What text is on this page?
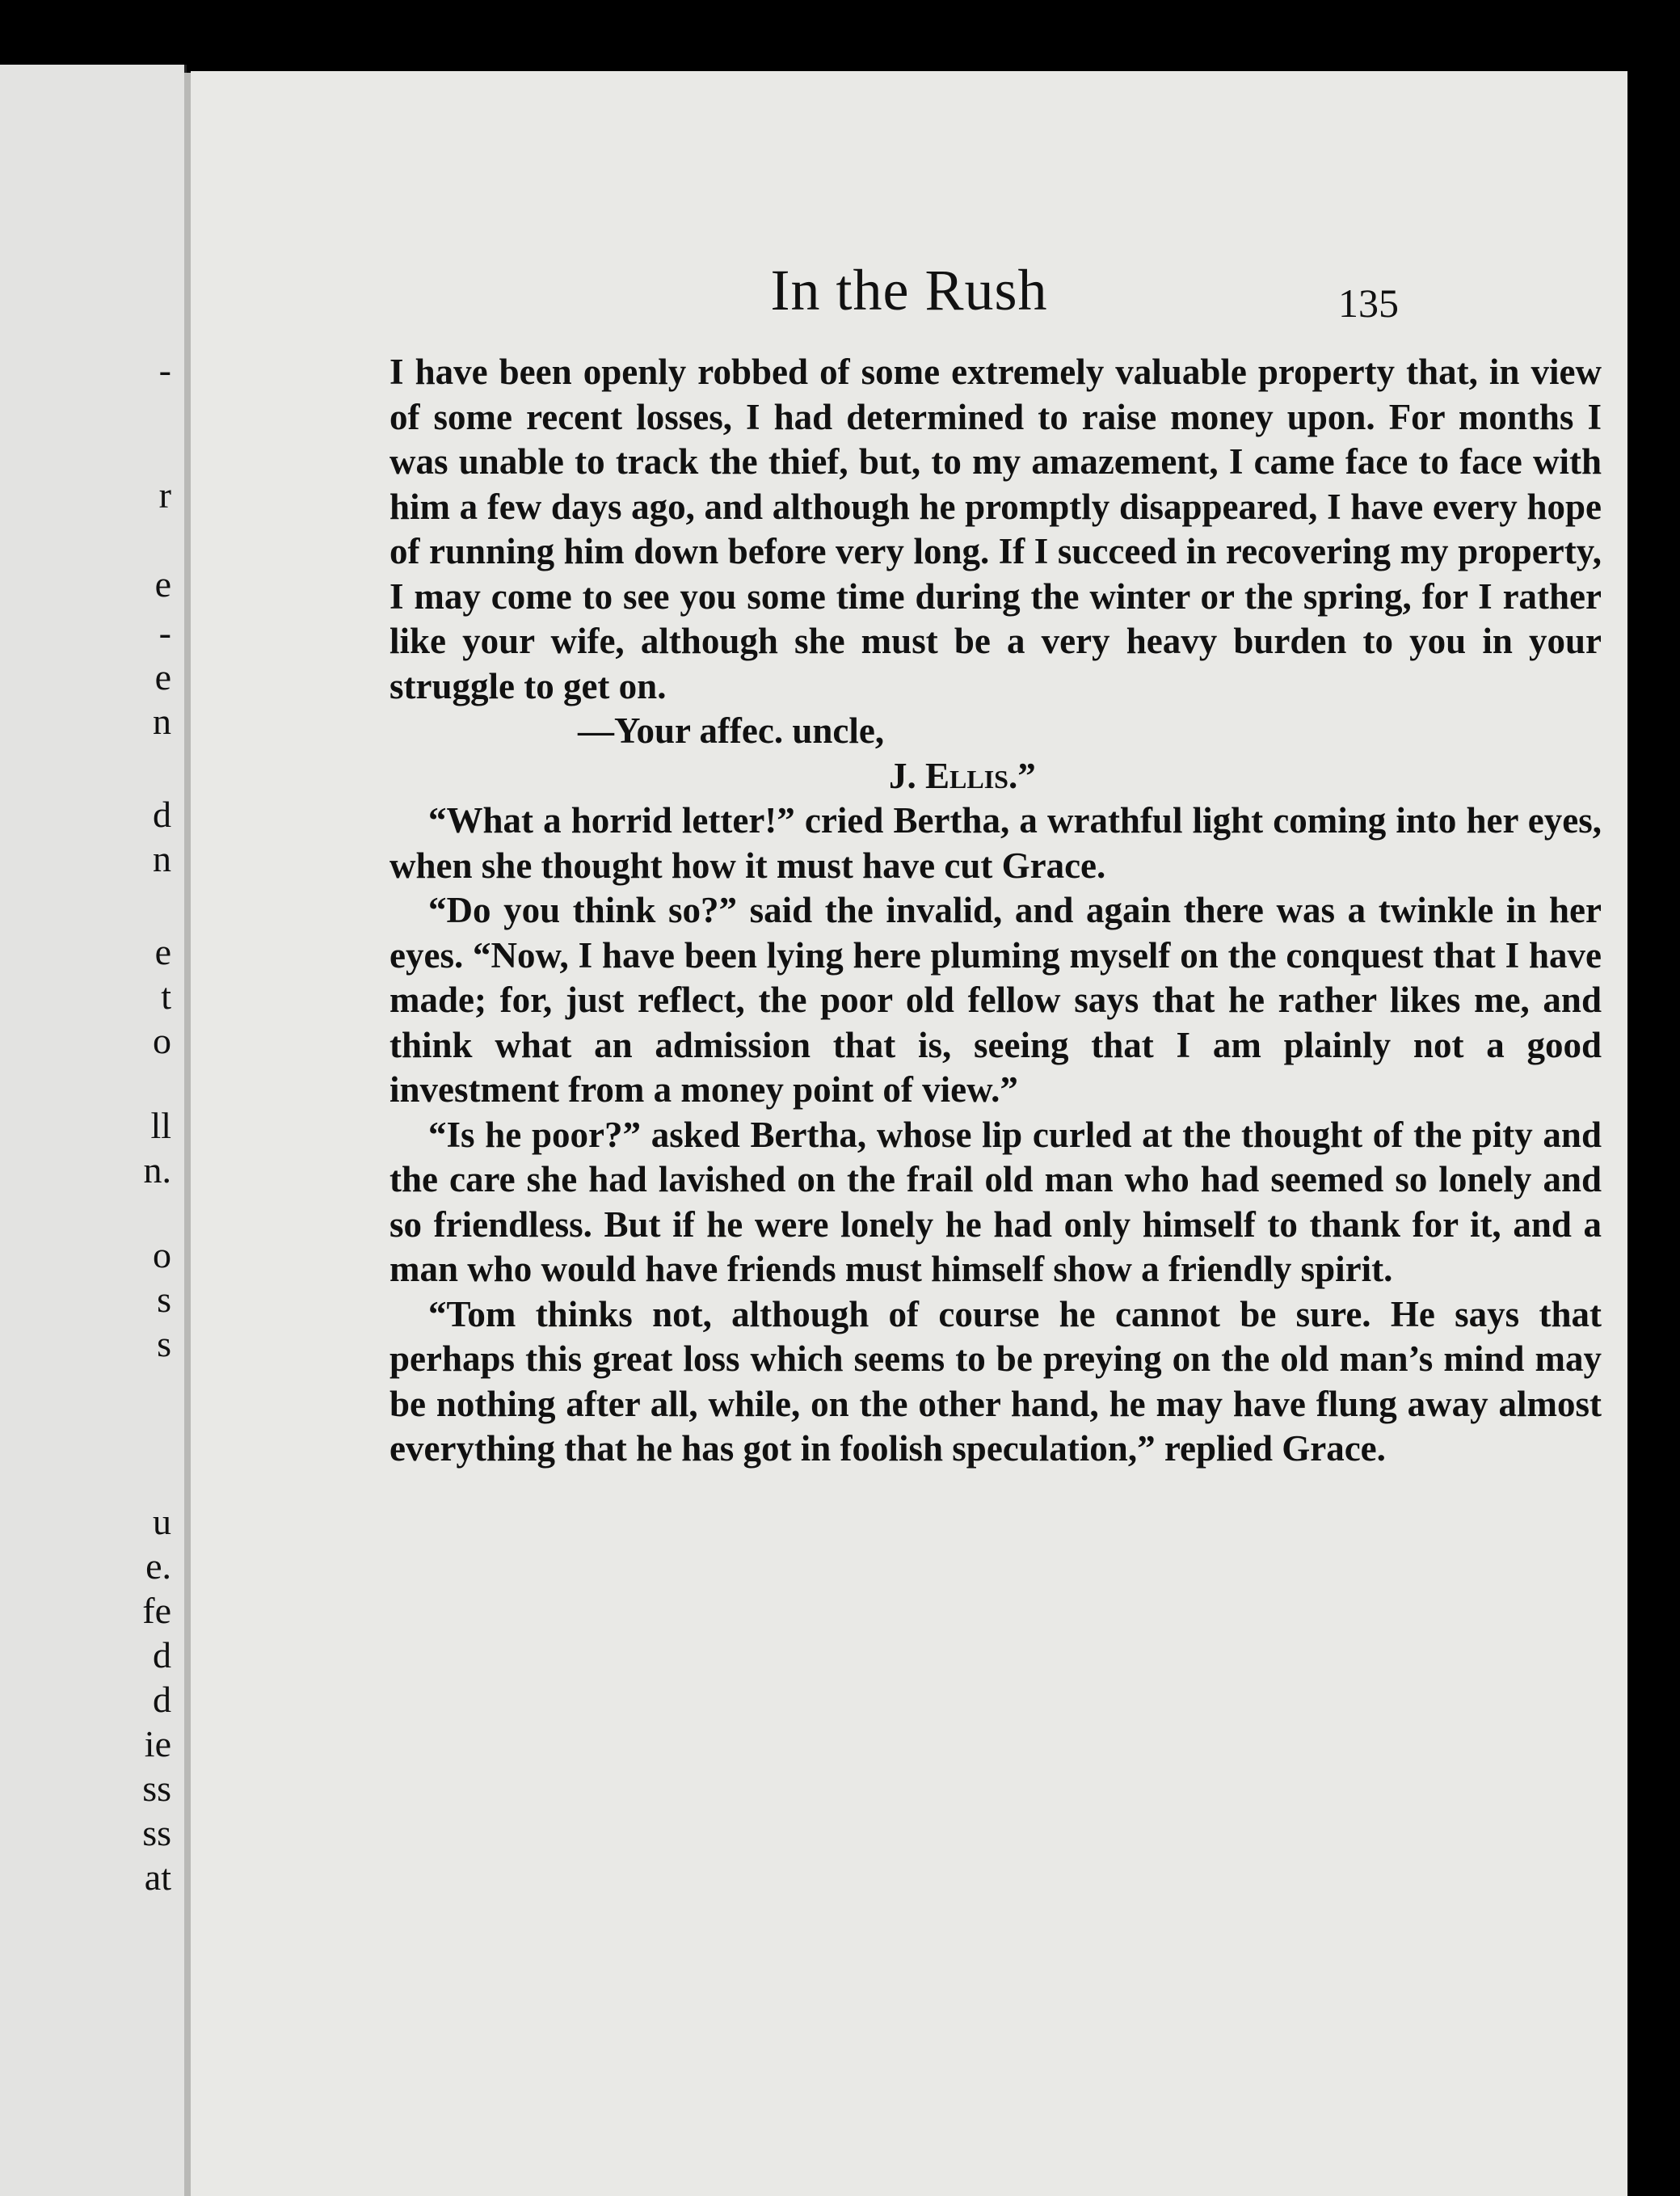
-
r
e
-
e
n
d
n
e
t
o
ll
n.
o
s
s
u
e.
fe
d
d
ie
ss
ss
at
In the Rush	135

I have been openly robbed of some extremely valuable property that, in view of some recent losses, I had determined to raise money upon. For months I was unable to track the thief, but, to my amazement, I came face to face with him a few days ago, and although he promptly disappeared, I have every hope of running him down before very long. If I succeed in recovering my property, I may come to see you some time during the winter or the spring, for I rather like your wife, although she must be a very heavy burden to you in your struggle to get on.

—Your affec. uncle,

J. Ellis.”

“What a horrid letter!” cried Bertha, a wrathful light coming into her eyes, when she thought how it must have cut Grace.

“Do you think so?” said the invalid, and again there was a twinkle in her eyes. “Now, I have been lying here pluming myself on the conquest that I have made; for, just reflect, the poor old fellow says that he rather likes me, and think what an admission that is, seeing that I am plainly not a good investment from a money point of view.”

“Is he poor?” asked Bertha, whose lip curled at the thought of the pity and the care she had lavished on the frail old man who had seemed so lonely and so friendless. But if he were lonely he had only himself to thank for it, and a man who would have friends must himself show a friendly spirit.

“Tom thinks not, although of course he cannot be sure. He says that perhaps this great loss which seems to be preying on the old man’s mind may be nothing after all, while, on the other hand, he may have flung away almost everything that he has got in foolish speculation,” replied Grace.
